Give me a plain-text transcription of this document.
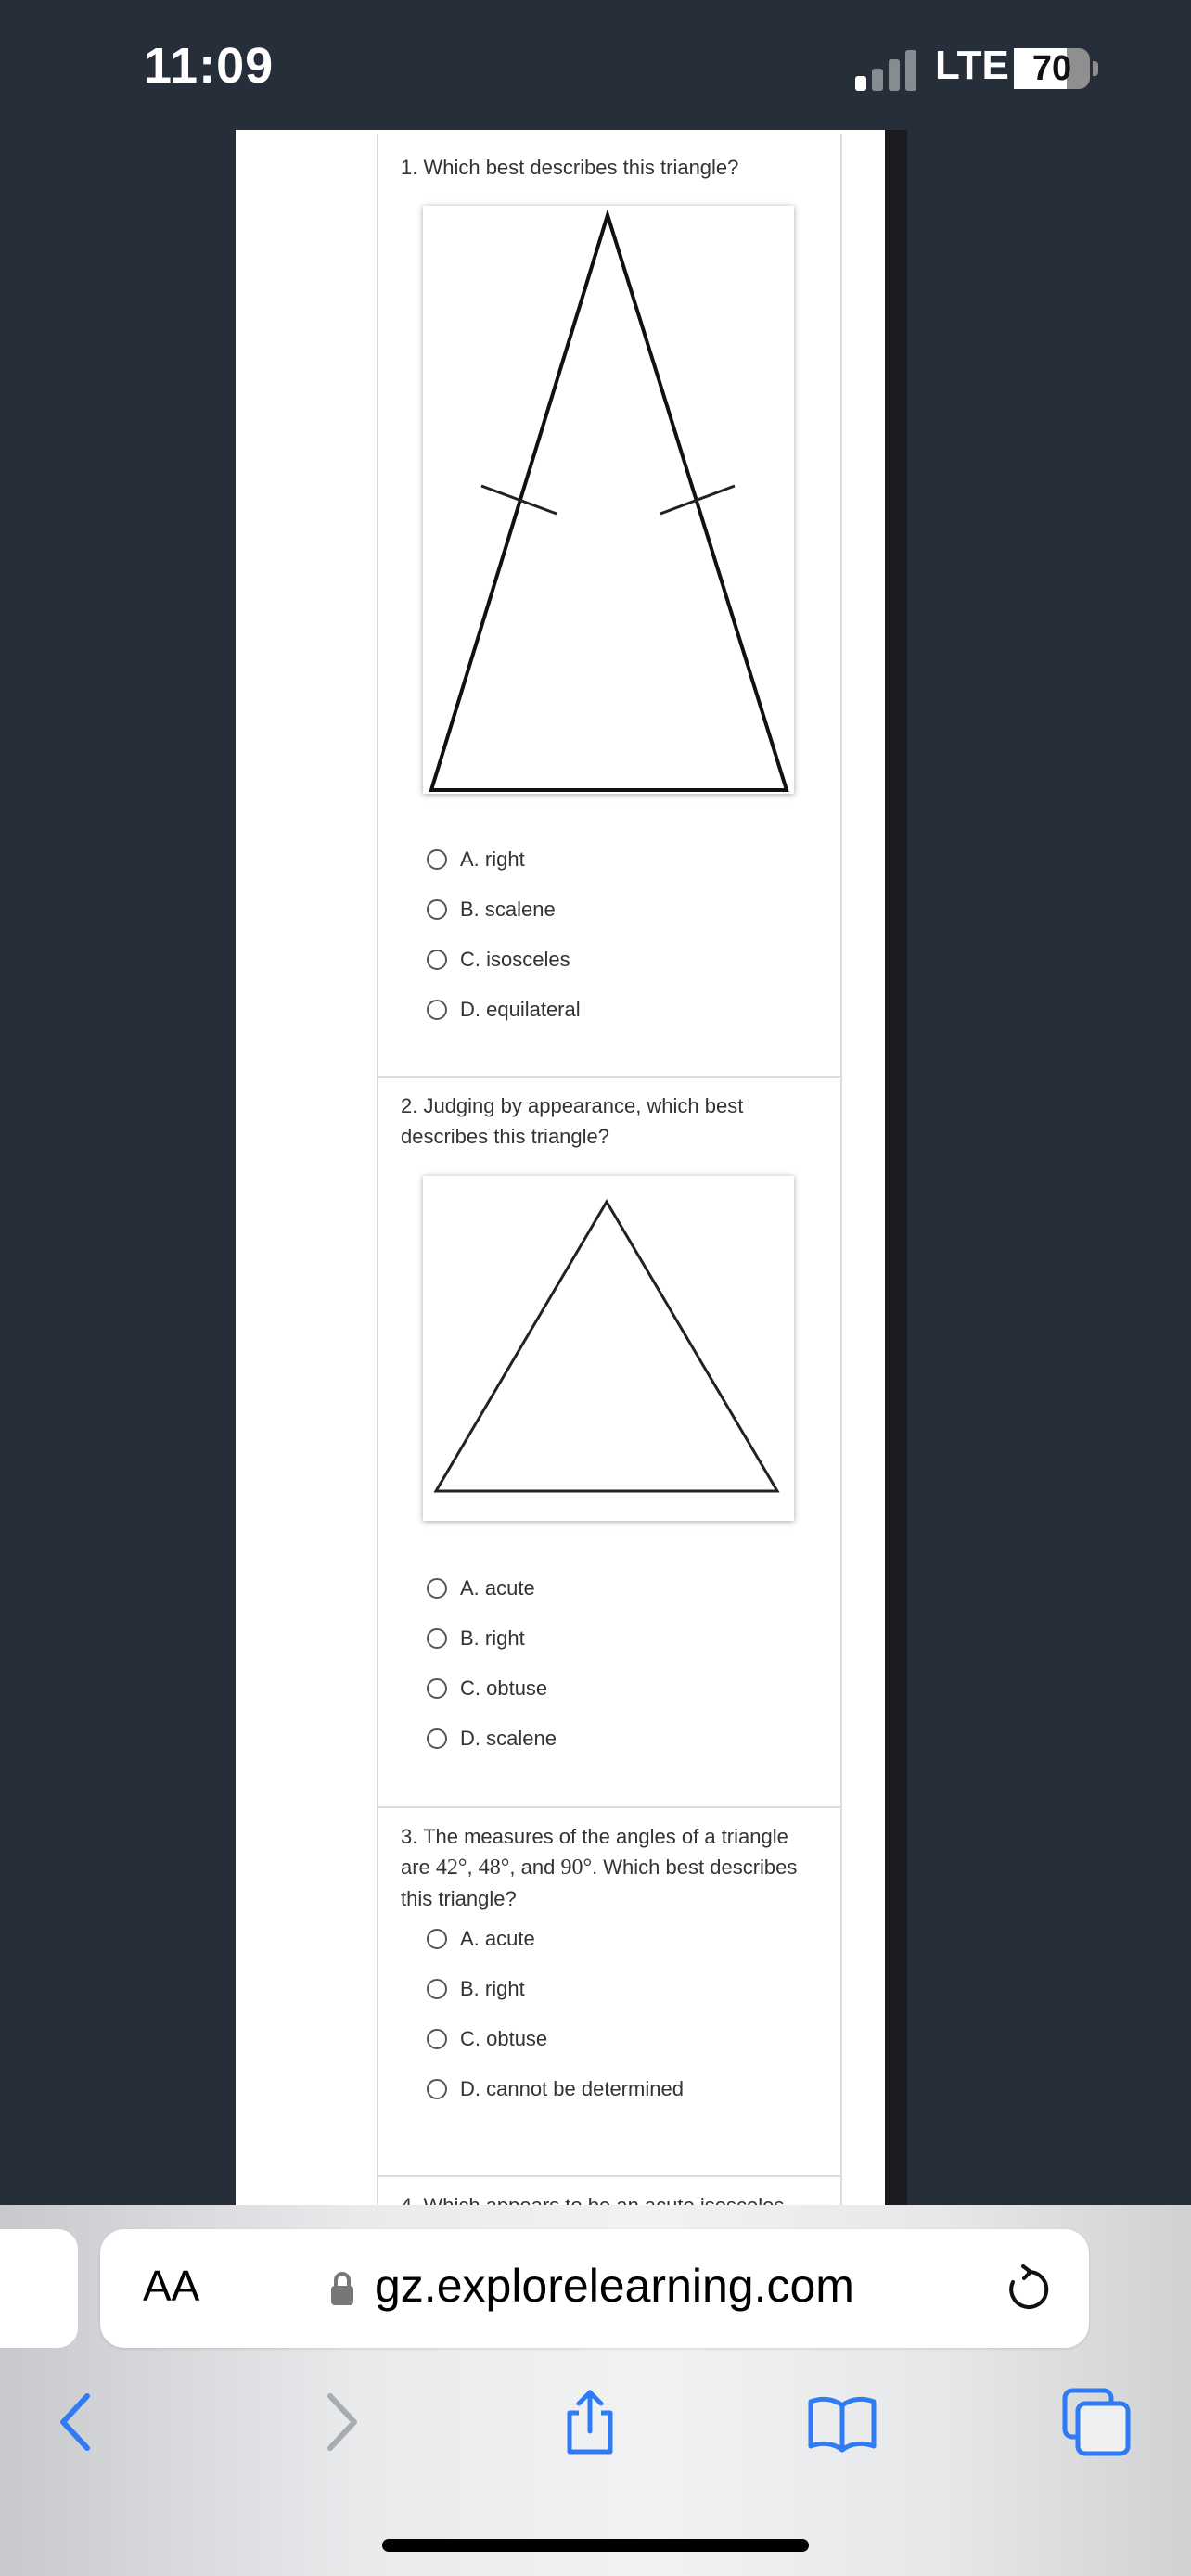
11:09	LTE 70
1. Which best describes this triangle?
A. right
B. scalene
C. isosceles
D. equilateral
2. Judging by appearance, which best describes this triangle?
A. acute
B. right
C. obtuse
D. scalene
3. The measures of the angles of a triangle are 42°, 48°, and 90°. Which best describes this triangle?
A. acute
B. right
C. obtuse
D. cannot be determined
AA	gz.explorelearning.com
